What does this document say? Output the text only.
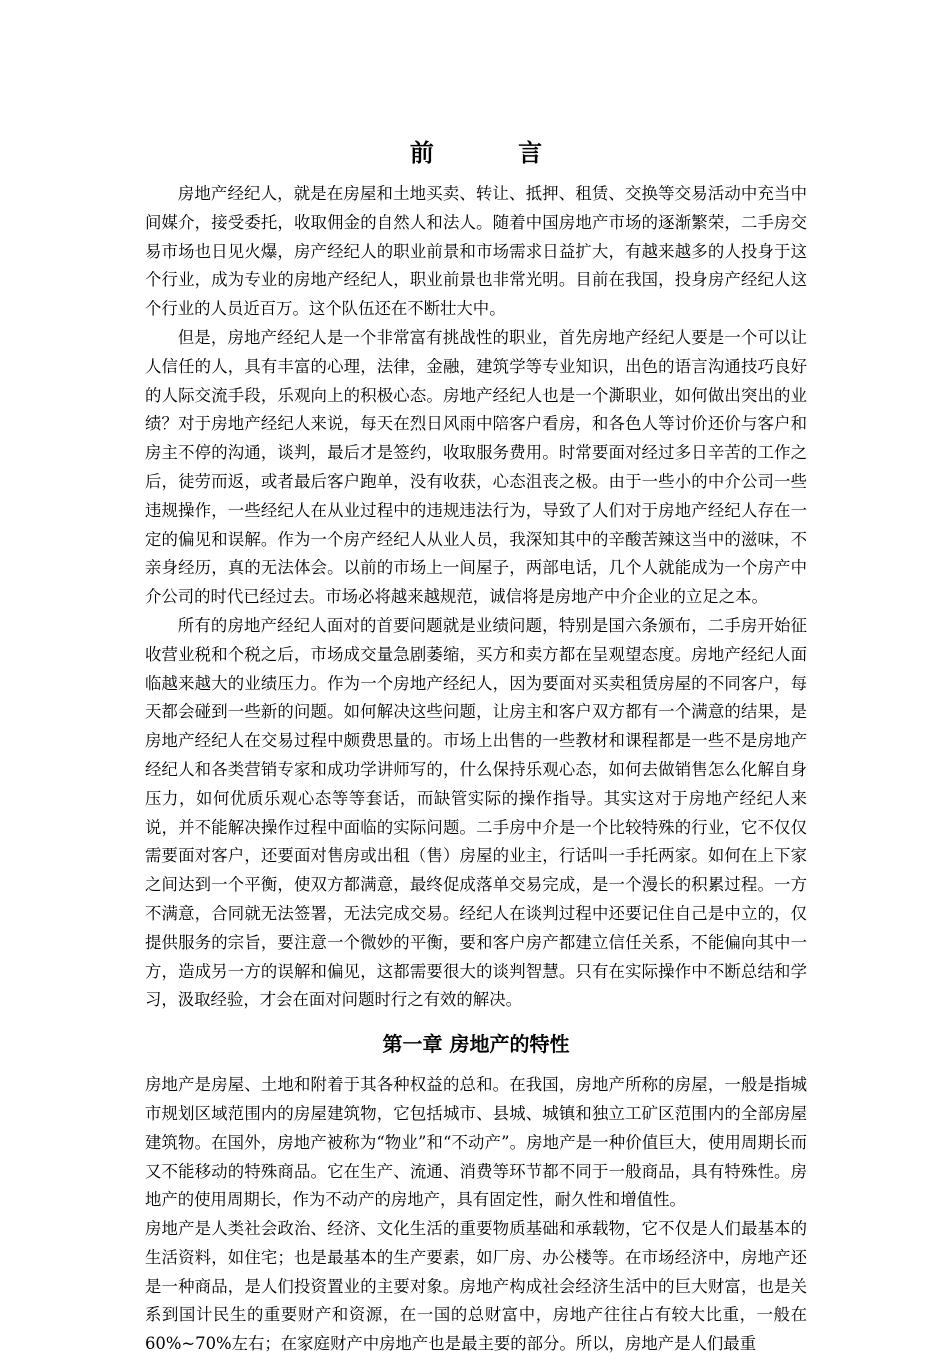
前 言

房地产经纪人，就是在房屋和土地买卖、转让、抵押、租赁、交换等交易活动中充当中间媒介，接受委托，收取佣金的自然人和法人。随着中国房地产市场的逐渐繁荣，二手房交易市场也日见火爆，房产经纪人的职业前景和市场需求日益扩大，有越来越多的人投身于这个行业，成为专业的房地产经纪人，职业前景也非常光明。目前在我国，投身房产经纪人这个行业的人员近百万。这个队伍还在不断壮大中。

但是，房地产经纪人是一个非常富有挑战性的职业，首先房地产经纪人要是一个可以让人信任的人，具有丰富的心理，法律，金融，建筑学等专业知识，出色的语言沟通技巧良好的人际交流手段，乐观向上的积极心态。房地产经纪人也是一个澌职业，如何做出突出的业绩？对于房地产经纪人来说，每天在烈日风雨中陪客户看房，和各色人等讨价还价与客户和房主不停的沟通，谈判，最后才是签约，收取服务费用。时常要面对经过多日辛苦的工作之后，徒劳而返，或者最后客户跑单，没有收获，心态沮丧之极。由于一些小的中介公司一些违规操作，一些经纪人在从业过程中的违规违法行为，导致了人们对于房地产经纪人存在一定的偏见和误解。作为一个房产经纪人从业人员，我深知其中的辛酸苦辣这当中的滋味，不亲身经历，真的无法体会。以前的市场上一间屋子，两部电话，几个人就能成为一个房产中介公司的时代已经过去。市场必将越来越规范，诚信将是房地产中介企业的立足之本。

所有的房地产经纪人面对的首要问题就是业绩问题，特别是国六条颁布，二手房开始征收营业税和个税之后，市场成交量急剧萎缩，买方和卖方都在呈观望态度。房地产经纪人面临越来越大的业绩压力。作为一个房地产经纪人，因为要面对买卖租赁房屋的不同客户，每天都会碰到一些新的问题。如何解决这些问题，让房主和客户双方都有一个满意的结果，是房地产经纪人在交易过程中颇费思量的。市场上出售的一些教材和课程都是一些不是房地产经纪人和各类营销专家和成功学讲师写的，什么保持乐观心态，如何去做销售怎么化解自身压力，如何优质乐观心态等等套话，而缺管实际的操作指导。其实这对于房地产经纪人来说，并不能解决操作过程中面临的实际问题。二手房中介是一个比较特殊的行业，它不仅仅需要面对客户，还要面对售房或出租（售）房屋的业主，行话叫一手托两家。如何在上下家之间达到一个平衡，使双方都满意，最终促成落单交易完成，是一个漫长的积累过程。一方不满意，合同就无法签署，无法完成交易。经纪人在谈判过程中还要记住自己是中立的，仅提供服务的宗旨，要注意一个微妙的平衡，要和客户房产都建立信任关系，不能偏向其中一方，造成另一方的误解和偏见，这都需要很大的谈判智慧。只有在实际操作中不断总结和学习，汲取经验，才会在面对问题时行之有效的解决。

第一章 房地产的特性

房地产是房屋、土地和附着于其各种权益的总和。在我国，房地产所称的房屋，一般是指城市规划区域范围内的房屋建筑物，它包括城市、县城、城镇和独立工矿区范围内的全部房屋建筑物。在国外，房地产被称为“物业”和“不动产”。房地产是一种价值巨大，使用周期长而又不能移动的特殊商品。它在生产、流通、消费等环节都不同于一般商品，具有特殊性。房地产的使用周期长，作为不动产的房地产，具有固定性，耐久性和增值性。

房地产是人类社会政治、经济、文化生活的重要物质基础和承载物，它不仅是人们最基本的生活资料，如住宅；也是最基本的生产要素，如厂房、办公楼等。在市场经济中，房地产还是一种商品，是人们投资置业的主要对象。房地产构成社会经济生活中的巨大财富，也是关系到国计民生的重要财产和资源，在一国的总财富中，房地产往往占有较大比重，一般在 60%~70%左右；在家庭财产中房地产也是最主要的部分。所以，房地产是人们最重
